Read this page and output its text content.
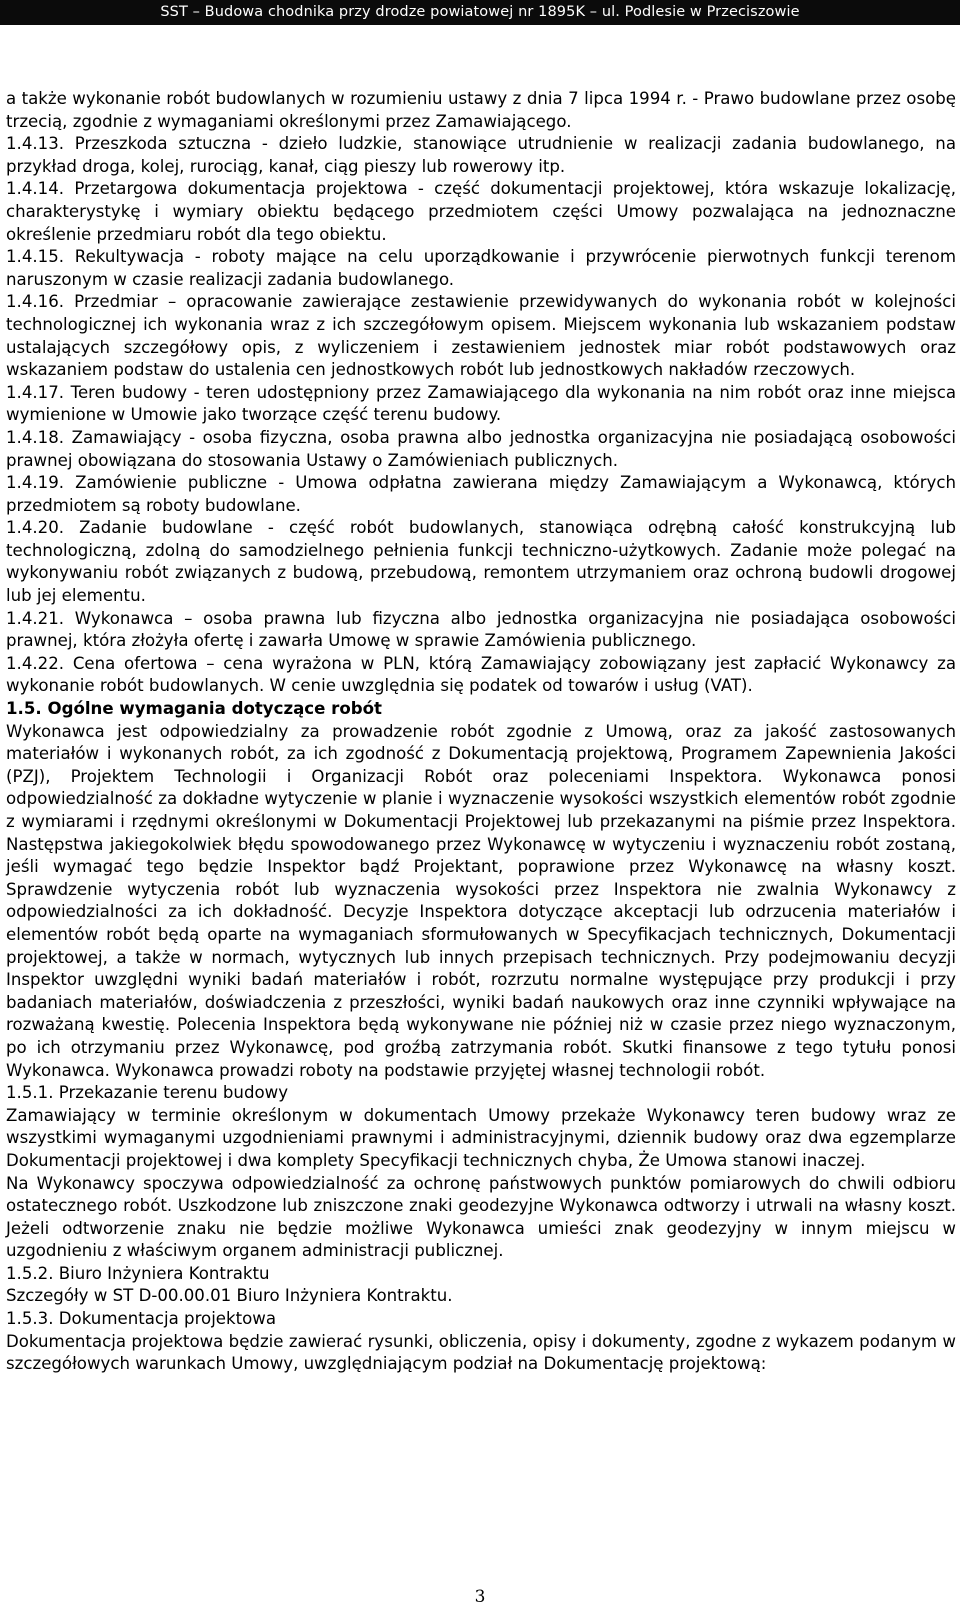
SST – Budowa chodnika przy drodze powiatowej nr 1895K – ul. Podlesie w Przeciszowie

a także wykonanie robót budowlanych w rozumieniu ustawy z dnia 7 lipca 1994 r. - Prawo budowlane przez osobę trzecią, zgodnie z wymaganiami określonymi przez Zamawiającego.

1.4.13. Przeszkoda sztuczna - dzieło ludzkie, stanowiące utrudnienie w realizacji zadania budowlanego, na przykład droga, kolej, rurociąg, kanał, ciąg pieszy lub rowerowy itp.

1.4.14. Przetargowa dokumentacja projektowa - część dokumentacji projektowej, która wskazuje lokalizację, charakterystykę i wymiary obiektu będącego przedmiotem części Umowy pozwalająca na jednoznaczne określenie przedmiaru robót dla tego obiektu.

1.4.15. Rekultywacja - roboty mające na celu uporządkowanie i przywrócenie pierwotnych funkcji terenom naruszonym w czasie realizacji zadania budowlanego.

1.4.16. Przedmiar – opracowanie zawierające zestawienie przewidywanych do wykonania robót w kolejności technologicznej ich wykonania wraz z ich szczegółowym opisem. Miejscem wykonania lub wskazaniem podstaw ustalających szczegółowy opis, z wyliczeniem i zestawieniem jednostek miar robót podstawowych oraz wskazaniem podstaw do ustalenia cen jednostkowych robót lub jednostkowych nakładów rzeczowych.

1.4.17. Teren budowy - teren udostępniony przez Zamawiającego dla wykonania na nim robót oraz inne miejsca wymienione w Umowie jako tworzące część terenu budowy.

1.4.18. Zamawiający - osoba fizyczna, osoba prawna albo jednostka organizacyjna nie posiadającą osobowości prawnej obowiązana do stosowania Ustawy o Zamówieniach publicznych.

1.4.19. Zamówienie publiczne - Umowa odpłatna zawierana między Zamawiającym a Wykonawcą, których przedmiotem są roboty budowlane.

1.4.20. Zadanie budowlane - część robót budowlanych, stanowiąca odrębną całość konstrukcyjną lub technologiczną, zdolną do samodzielnego pełnienia funkcji techniczno-użytkowych. Zadanie może polegać na wykonywaniu robót związanych z budową, przebudową, remontem utrzymaniem oraz ochroną budowli drogowej lub jej elementu.

1.4.21. Wykonawca – osoba prawna lub fizyczna albo jednostka organizacyjna nie posiadająca osobowości prawnej, która złożyła ofertę i zawarła Umowę w sprawie Zamówienia publicznego.

1.4.22. Cena ofertowa – cena wyrażona w PLN, którą Zamawiający zobowiązany jest zapłacić Wykonawcy za wykonanie robót budowlanych. W cenie uwzględnia się podatek od towarów i usług (VAT).

1.5. Ogólne wymagania dotyczące robót

Wykonawca jest odpowiedzialny za prowadzenie robót zgodnie z Umową, oraz za jakość zastosowanych materiałów i wykonanych robót, za ich zgodność z Dokumentacją projektową, Programem Zapewnienia Jakości (PZJ), Projektem Technologii i Organizacji Robót oraz poleceniami Inspektora. Wykonawca ponosi odpowiedzialność za dokładne wytyczenie w planie i wyznaczenie wysokości wszystkich elementów robót zgodnie z wymiarami i rzędnymi określonymi w Dokumentacji Projektowej lub przekazanymi na piśmie przez Inspektora. Następstwa jakiegokolwiek błędu spowodowanego przez Wykonawcę w wytyczeniu i wyznaczeniu robót zostaną, jeśli wymagać tego będzie Inspektor bądź Projektant, poprawione przez Wykonawcę na własny koszt. Sprawdzenie wytyczenia robót lub wyznaczenia wysokości przez Inspektora nie zwalnia Wykonawcy z odpowiedzialności za ich dokładność. Decyzje Inspektora dotyczące akceptacji lub odrzucenia materiałów i elementów robót będą oparte na wymaganiach sformułowanych w Specyfikacjach technicznych, Dokumentacji projektowej, a także w normach, wytycznych lub innych przepisach technicznych. Przy podejmowaniu decyzji Inspektor uwzględni wyniki badań materiałów i robót, rozrzutu normalne występujące przy produkcji i przy badaniach materiałów, doświadczenia z przeszłości, wyniki badań naukowych oraz inne czynniki wpływające na rozważaną kwestię. Polecenia Inspektora będą wykonywane nie później niż w czasie przez niego wyznaczonym, po ich otrzymaniu przez Wykonawcę, pod groźbą zatrzymania robót. Skutki finansowe z tego tytułu ponosi Wykonawca. Wykonawca prowadzi roboty na podstawie przyjętej własnej technologii robót.

1.5.1. Przekazanie terenu budowy

Zamawiający w terminie określonym w dokumentach Umowy przekaże Wykonawcy teren budowy wraz ze wszystkimi wymaganymi uzgodnieniami prawnymi i administracyjnymi, dziennik budowy oraz dwa egzemplarze Dokumentacji projektowej i dwa komplety Specyfikacji technicznych chyba, Że Umowa stanowi inaczej.

Na Wykonawcy spoczywa odpowiedzialność za ochronę państwowych punktów pomiarowych do chwili odbioru ostatecznego robót. Uszkodzone lub zniszczone znaki geodezyjne Wykonawca odtworzy i utrwali na własny koszt. Jeżeli odtworzenie znaku nie będzie możliwe Wykonawca umieści znak geodezyjny w innym miejscu w uzgodnieniu z właściwym organem administracji publicznej.

1.5.2. Biuro Inżyniera Kontraktu

Szczegóły w ST D-00.00.01 Biuro Inżyniera Kontraktu.

1.5.3. Dokumentacja projektowa

Dokumentacja projektowa będzie zawierać rysunki, obliczenia, opisy i dokumenty, zgodne z wykazem podanym w szczegółowych warunkach Umowy, uwzględniającym podział na Dokumentację projektową:

3
